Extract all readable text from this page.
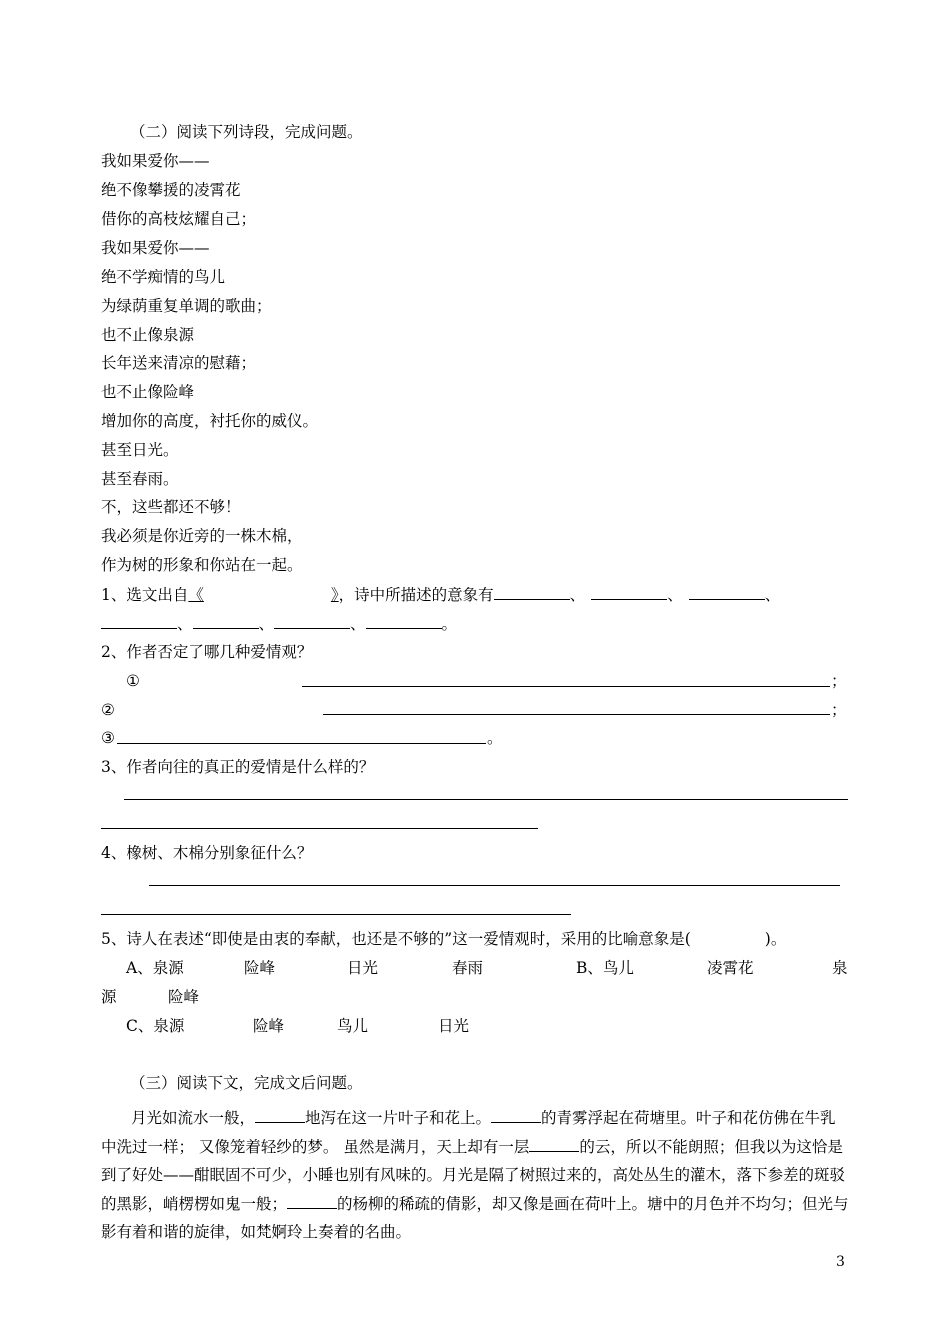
（二）阅读下列诗段，完成问题。
我如果爱你——
绝不像攀援的凌霄花
借你的高枝炫耀自己；
我如果爱你——
绝不学痴情的鸟儿
为绿荫重复单调的歌曲；
也不止像泉源
长年送来清凉的慰藉；
也不止像险峰
增加你的高度，衬托你的威仪。
甚至日光。
甚至春雨。
不，这些都还不够！
我必须是你近旁的一株木棉，
作为树的形象和你站在一起。
1、选文出自《	》，诗中所描述的意象有	、	、	、
、	、	、	。
2、作者否定了哪几种爱情观？
①	；
②	；
③	。
3、作者向往的真正的爱情是什么样的？
4、橡树、木棉分别象征什么？
5、诗人在表述“即使是由衷的奉献，也还是不够的”这一爱情观时，采用的比喻意象是(	)。
A、泉源	险峰	日光	春雨	B、鸟儿	凌霄花	泉
源	险峰
C、泉源	险峰	鸟儿	日光
（三）阅读下文，完成文后问题。
月光如流水一般，	地泻在这一片叶子和花上。	的青雾浮起在荷塘里。叶子和花仿佛在牛乳中洗过一样； 又像笼着轻纱的梦。 虽然是满月，天上却有一层	的云，所以不能朗照；但我以为这恰是到了好处——酣眠固不可少，小睡也别有风味的。月光是隔了树照过来的，高处丛生的灌木，落下参差的斑驳的黑影，峭楞楞如鬼一般；	的杨柳的稀疏的倩影，却又像是画在荷叶上。塘中的月色并不均匀；但光与影有着和谐的旋律，如梵婀玲上奏着的名曲。
3
